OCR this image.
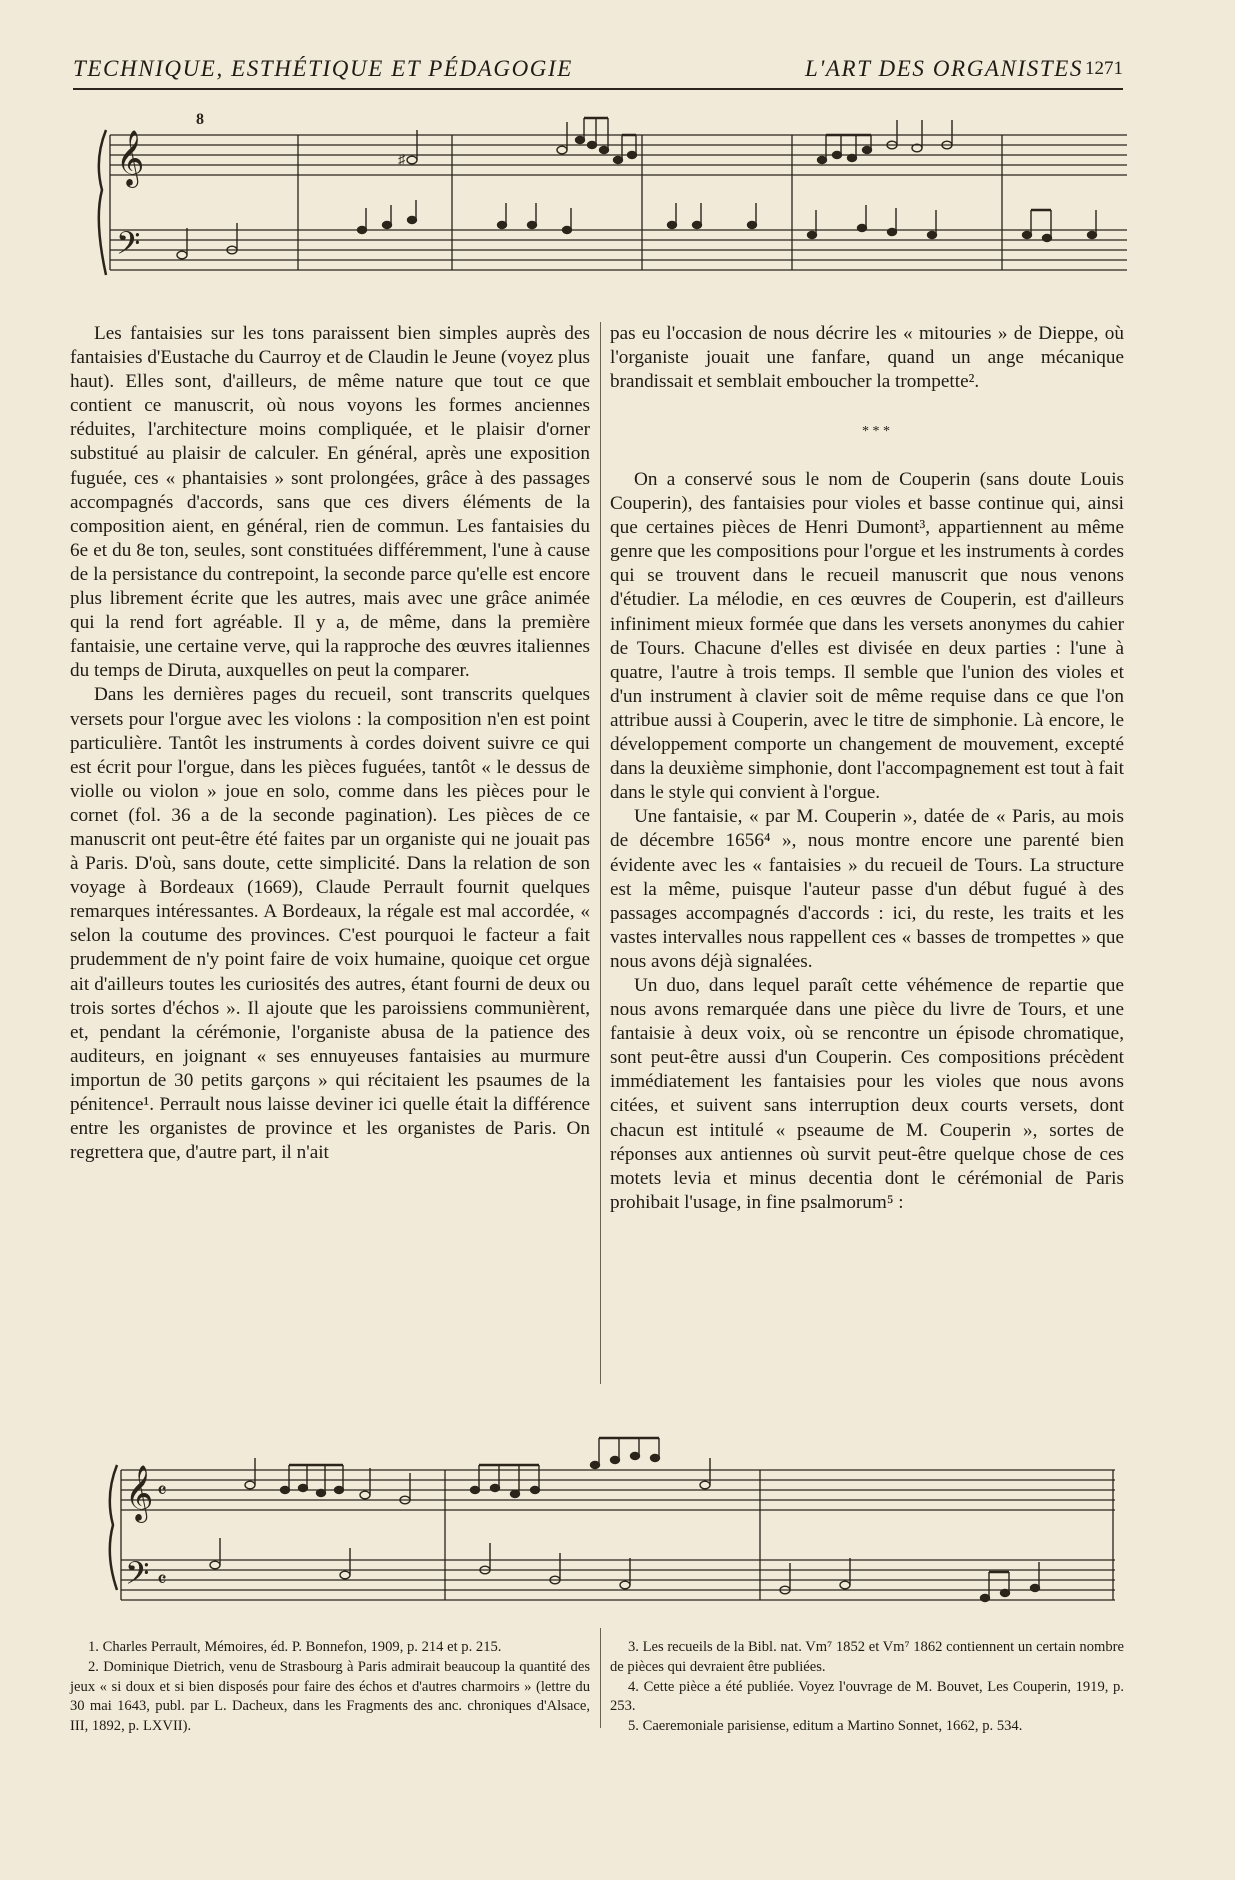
TECHNIQUE, ESTHÉTIQUE ET PÉDAGOGIE	L'ART DES ORGANISTES 1271
𝄞
𝄢
8
♯

Les fantaisies sur les tons paraissent bien simples auprès des fantaisies d'Eustache du Caurroy et de Claudin le Jeune (voyez plus haut). Elles sont, d'ailleurs, de même nature que tout ce que contient ce manuscrit, où nous voyons les formes anciennes réduites, l'architecture moins compliquée, et le plaisir d'orner substitué au plaisir de calculer. En général, après une exposition fuguée, ces « phantaisies » sont prolongées, grâce à des passages accompagnés d'accords, sans que ces divers éléments de la composition aient, en général, rien de commun. Les fantaisies du 6e et du 8e ton, seules, sont constituées différemment, l'une à cause de la persistance du contrepoint, la seconde parce qu'elle est encore plus librement écrite que les autres, mais avec une grâce animée qui la rend fort agréable. Il y a, de même, dans la première fantaisie, une certaine verve, qui la rapproche des œuvres italiennes du temps de Diruta, auxquelles on peut la comparer.

Dans les dernières pages du recueil, sont transcrits quelques versets pour l'orgue avec les violons : la composition n'en est point particulière. Tantôt les instruments à cordes doivent suivre ce qui est écrit pour l'orgue, dans les pièces fuguées, tantôt « le dessus de violle ou violon » joue en solo, comme dans les pièces pour le cornet (fol. 36 a de la seconde pagination). Les pièces de ce manuscrit ont peut-être été faites par un organiste qui ne jouait pas à Paris. D'où, sans doute, cette simplicité. Dans la relation de son voyage à Bordeaux (1669), Claude Perrault fournit quelques remarques intéressantes. A Bordeaux, la régale est mal accordée, « selon la coutume des provinces. C'est pourquoi le facteur a fait prudemment de n'y point faire de voix humaine, quoique cet orgue ait d'ailleurs toutes les curiosités des autres, étant fourni de deux ou trois sortes d'échos ». Il ajoute que les paroissiens communièrent, et, pendant la cérémonie, l'organiste abusa de la patience des auditeurs, en joignant « ses ennuyeuses fantaisies au murmure importun de 30 petits garçons » qui récitaient les psaumes de la pénitence¹. Perrault nous laisse deviner ici quelle était la différence entre les organistes de province et les organistes de Paris. On regrettera que, d'autre part, il n'ait

pas eu l'occasion de nous décrire les « mitouries » de Dieppe, où l'organiste jouait une fanfare, quand un ange mécanique brandissait et semblait emboucher la trompette².

* * *

On a conservé sous le nom de Couperin (sans doute Louis Couperin), des fantaisies pour violes et basse continue qui, ainsi que certaines pièces de Henri Dumont³, appartiennent au même genre que les compositions pour l'orgue et les instruments à cordes qui se trouvent dans le recueil manuscrit que nous venons d'étudier. La mélodie, en ces œuvres de Couperin, est d'ailleurs infiniment mieux formée que dans les versets anonymes du cahier de Tours. Chacune d'elles est divisée en deux parties : l'une à quatre, l'autre à trois temps. Il semble que l'union des violes et d'un instrument à clavier soit de même requise dans ce que l'on attribue aussi à Couperin, avec le titre de simphonie. Là encore, le développement comporte un changement de mouvement, excepté dans la deuxième simphonie, dont l'accompagnement est tout à fait dans le style qui convient à l'orgue.

Une fantaisie, « par M. Couperin », datée de « Paris, au mois de décembre 1656⁴ », nous montre encore une parenté bien évidente avec les « fantaisies » du recueil de Tours. La structure est la même, puisque l'auteur passe d'un début fugué à des passages accompagnés d'accords : ici, du reste, les traits et les vastes intervalles nous rappellent ces « basses de trompettes » que nous avons déjà signalées.

Un duo, dans lequel paraît cette véhémence de repartie que nous avons remarquée dans une pièce du livre de Tours, et une fantaisie à deux voix, où se rencontre un épisode chromatique, sont peut-être aussi d'un Couperin. Ces compositions précèdent immédiatement les fantaisies pour les violes que nous avons citées, et suivent sans interruption deux courts versets, dont chacun est intitulé « pseaume de M. Couperin », sortes de réponses aux antiennes où survit peut-être quelque chose de ces motets levia et minus decentia dont le cérémonial de Paris prohibait l'usage, in fine psalmorum⁵ :

𝄞 𝄴
𝄢 𝄴

1. Charles Perrault, Mémoires, éd. P. Bonnefon, 1909, p. 214 et p. 215.

2. Dominique Dietrich, venu de Strasbourg à Paris admirait beaucoup la quantité des jeux « si doux et si bien disposés pour faire des échos et d'autres charmoirs » (lettre du 30 mai 1643, publ. par L. Dacheux, dans les Fragments des anc. chroniques d'Alsace, III, 1892, p. LXVII).

3. Les recueils de la Bibl. nat. Vm⁷ 1852 et Vm⁷ 1862 contiennent un certain nombre de pièces qui devraient être publiées.

4. Cette pièce a été publiée. Voyez l'ouvrage de M. Bouvet, Les Couperin, 1919, p. 253.

5. Caeremoniale parisiense, editum a Martino Sonnet, 1662, p. 534.
